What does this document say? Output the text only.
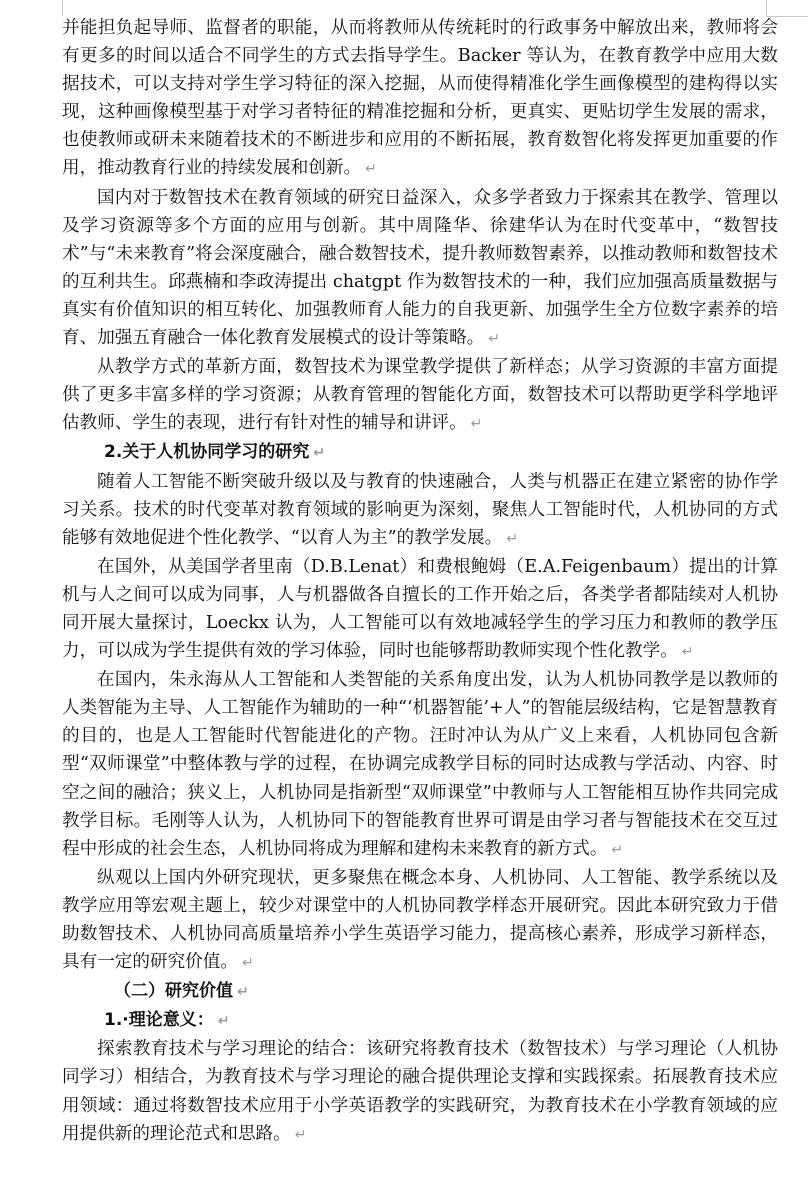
并能担负起导师、监督者的职能，从而将教师从传统耗时的行政事务中解放出来，教师将会有更多的时间以适合不同学生的方式去指导学生。Backer 等认为，在教育教学中应用大数据技术，可以支持对学生学习特征的深入挖掘，从而使得精准化学生画像模型的建构得以实现，这种画像模型基于对学习者特征的精准挖掘和分析，更真实、更贴切学生发展的需求，也使教师或研未来随着技术的不断进步和应用的不断拓展，教育数智化将发挥更加重要的作用，推动教育行业的持续发展和创新。 ↵

国内对于数智技术在教育领域的研究日益深入，众多学者致力于探索其在教学、管理以及学习资源等多个方面的应用与创新。其中周隆华、徐建华认为在时代变革中，“数智技术”与“未来教育”将会深度融合，融合数智技术，提升教师数智素养，以推动教师和数智技术的互利共生。邱燕楠和李政涛提出 chatgpt 作为数智技术的一种，我们应加强高质量数据与真实有价值知识的相互转化、加强教师育人能力的自我更新、加强学生全方位数字素养的培育、加强五育融合一体化教育发展模式的设计等策略。 ↵

从教学方式的革新方面，数智技术为课堂教学提供了新样态；从学习资源的丰富方面提供了更多丰富多样的学习资源；从教育管理的智能化方面，数智技术可以帮助更学科学地评估教师、学生的表现，进行有针对性的辅导和讲评。 ↵

2.关于人机协同学习的研究 ↵

随着人工智能不断突破升级以及与教育的快速融合，人类与机器正在建立紧密的协作学习关系。技术的时代变革对教育领域的影响更为深刻，聚焦人工智能时代，人机协同的方式能够有效地促进个性化教学、“以育人为主”的教学发展。 ↵

在国外，从美国学者里南（D.B.Lenat）和费根鲍姆（E.A.Feigenbaum）提出的计算机与人之间可以成为同事，人与机器做各自擅长的工作开始之后，各类学者都陆续对人机协同开展大量探讨，Loeckx 认为，人工智能可以有效地减轻学生的学习压力和教师的教学压力，可以成为学生提供有效的学习体验，同时也能够帮助教师实现个性化教学。 ↵

在国内，朱永海从人工智能和人类智能的关系角度出发，认为人机协同教学是以教师的人类智能为主导、人工智能作为辅助的一种“‘机器智能’+人”的智能层级结构，它是智慧教育的目的，也是人工智能时代智能进化的产物。汪时冲认为从广义上来看，人机协同包含新型“双师课堂”中整体教与学的过程，在协调完成教学目标的同时达成教与学活动、内容、时空之间的融洽；狭义上，人机协同是指新型“双师课堂”中教师与人工智能相互协作共同完成教学目标。毛刚等人认为，人机协同下的智能教育世界可谓是由学习者与智能技术在交互过程中形成的社会生态，人机协同将成为理解和建构未来教育的新方式。 ↵

纵观以上国内外研究现状，更多聚焦在概念本身、人机协同、人工智能、教学系统以及教学应用等宏观主题上，较少对课堂中的人机协同教学样态开展研究。因此本研究致力于借助数智技术、人机协同高质量培养小学生英语学习能力，提高核心素养，形成学习新样态，具有一定的研究价值。 ↵

（二）研究价值 ↵

1.·理论意义： ↵

探索教育技术与学习理论的结合：该研究将教育技术（数智技术）与学习理论（人机协同学习）相结合，为教育技术与学习理论的融合提供理论支撑和实践探索。拓展教育技术应用领域：通过将数智技术应用于小学英语教学的实践研究，为教育技术在小学教育领域的应用提供新的理论范式和思路。 ↵
